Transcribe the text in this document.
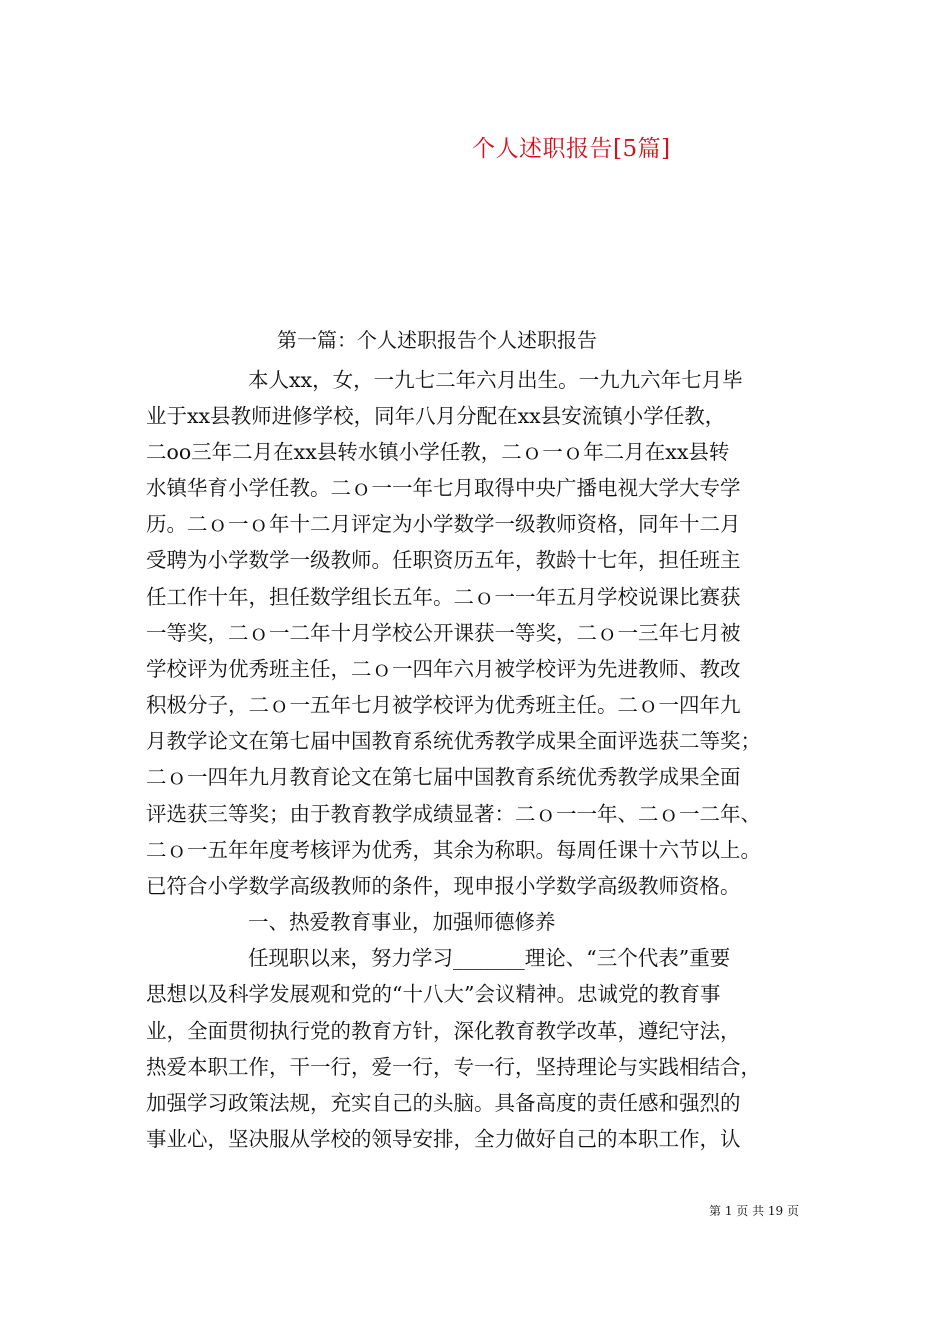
个人述职报告[5篇]
第一篇：个人述职报告个人述职报告
本人xx，女，一九七二年六月出生。一九九六年七月毕
业于xx县教师进修学校，同年八月分配在xx县安流镇小学任教，
二oo三年二月在xx县转水镇小学任教，二ｏ一ｏ年二月在xx县转
水镇华育小学任教。二ｏ一一年七月取得中央广播电视大学大专学
历。二ｏ一ｏ年十二月评定为小学数学一级教师资格，同年十二月
受聘为小学数学一级教师。任职资历五年，教龄十七年，担任班主
任工作十年，担任数学组长五年。二ｏ一一年五月学校说课比赛获
一等奖，二ｏ一二年十月学校公开课获一等奖，二ｏ一三年七月被
学校评为优秀班主任，二ｏ一四年六月被学校评为先进教师、教改
积极分子，二ｏ一五年七月被学校评为优秀班主任。二ｏ一四年九
月教学论文在第七届中国教育系统优秀教学成果全面评选获二等奖；
二ｏ一四年九月教育论文在第七届中国教育系统优秀教学成果全面
评选获三等奖；由于教育教学成绩显著：二ｏ一一年、二ｏ一二年、
二ｏ一五年年度考核评为优秀，其余为称职。每周任课十六节以上。
已符合小学数学高级教师的条件，现申报小学数学高级教师资格。
一、热爱教育事业，加强师德修养
任现职以来，努力学习_______理论、“三个代表”重要
思想以及科学发展观和党的“十八大”会议精神。忠诚党的教育事
业，全面贯彻执行党的教育方针，深化教育教学改革，遵纪守法，
热爱本职工作，干一行，爱一行，专一行，坚持理论与实践相结合，
加强学习政策法规，充实自己的头脑。具备高度的责任感和强烈的
事业心，坚决服从学校的领导安排，全力做好自己的本职工作，认
第 1 页 共 19 页
